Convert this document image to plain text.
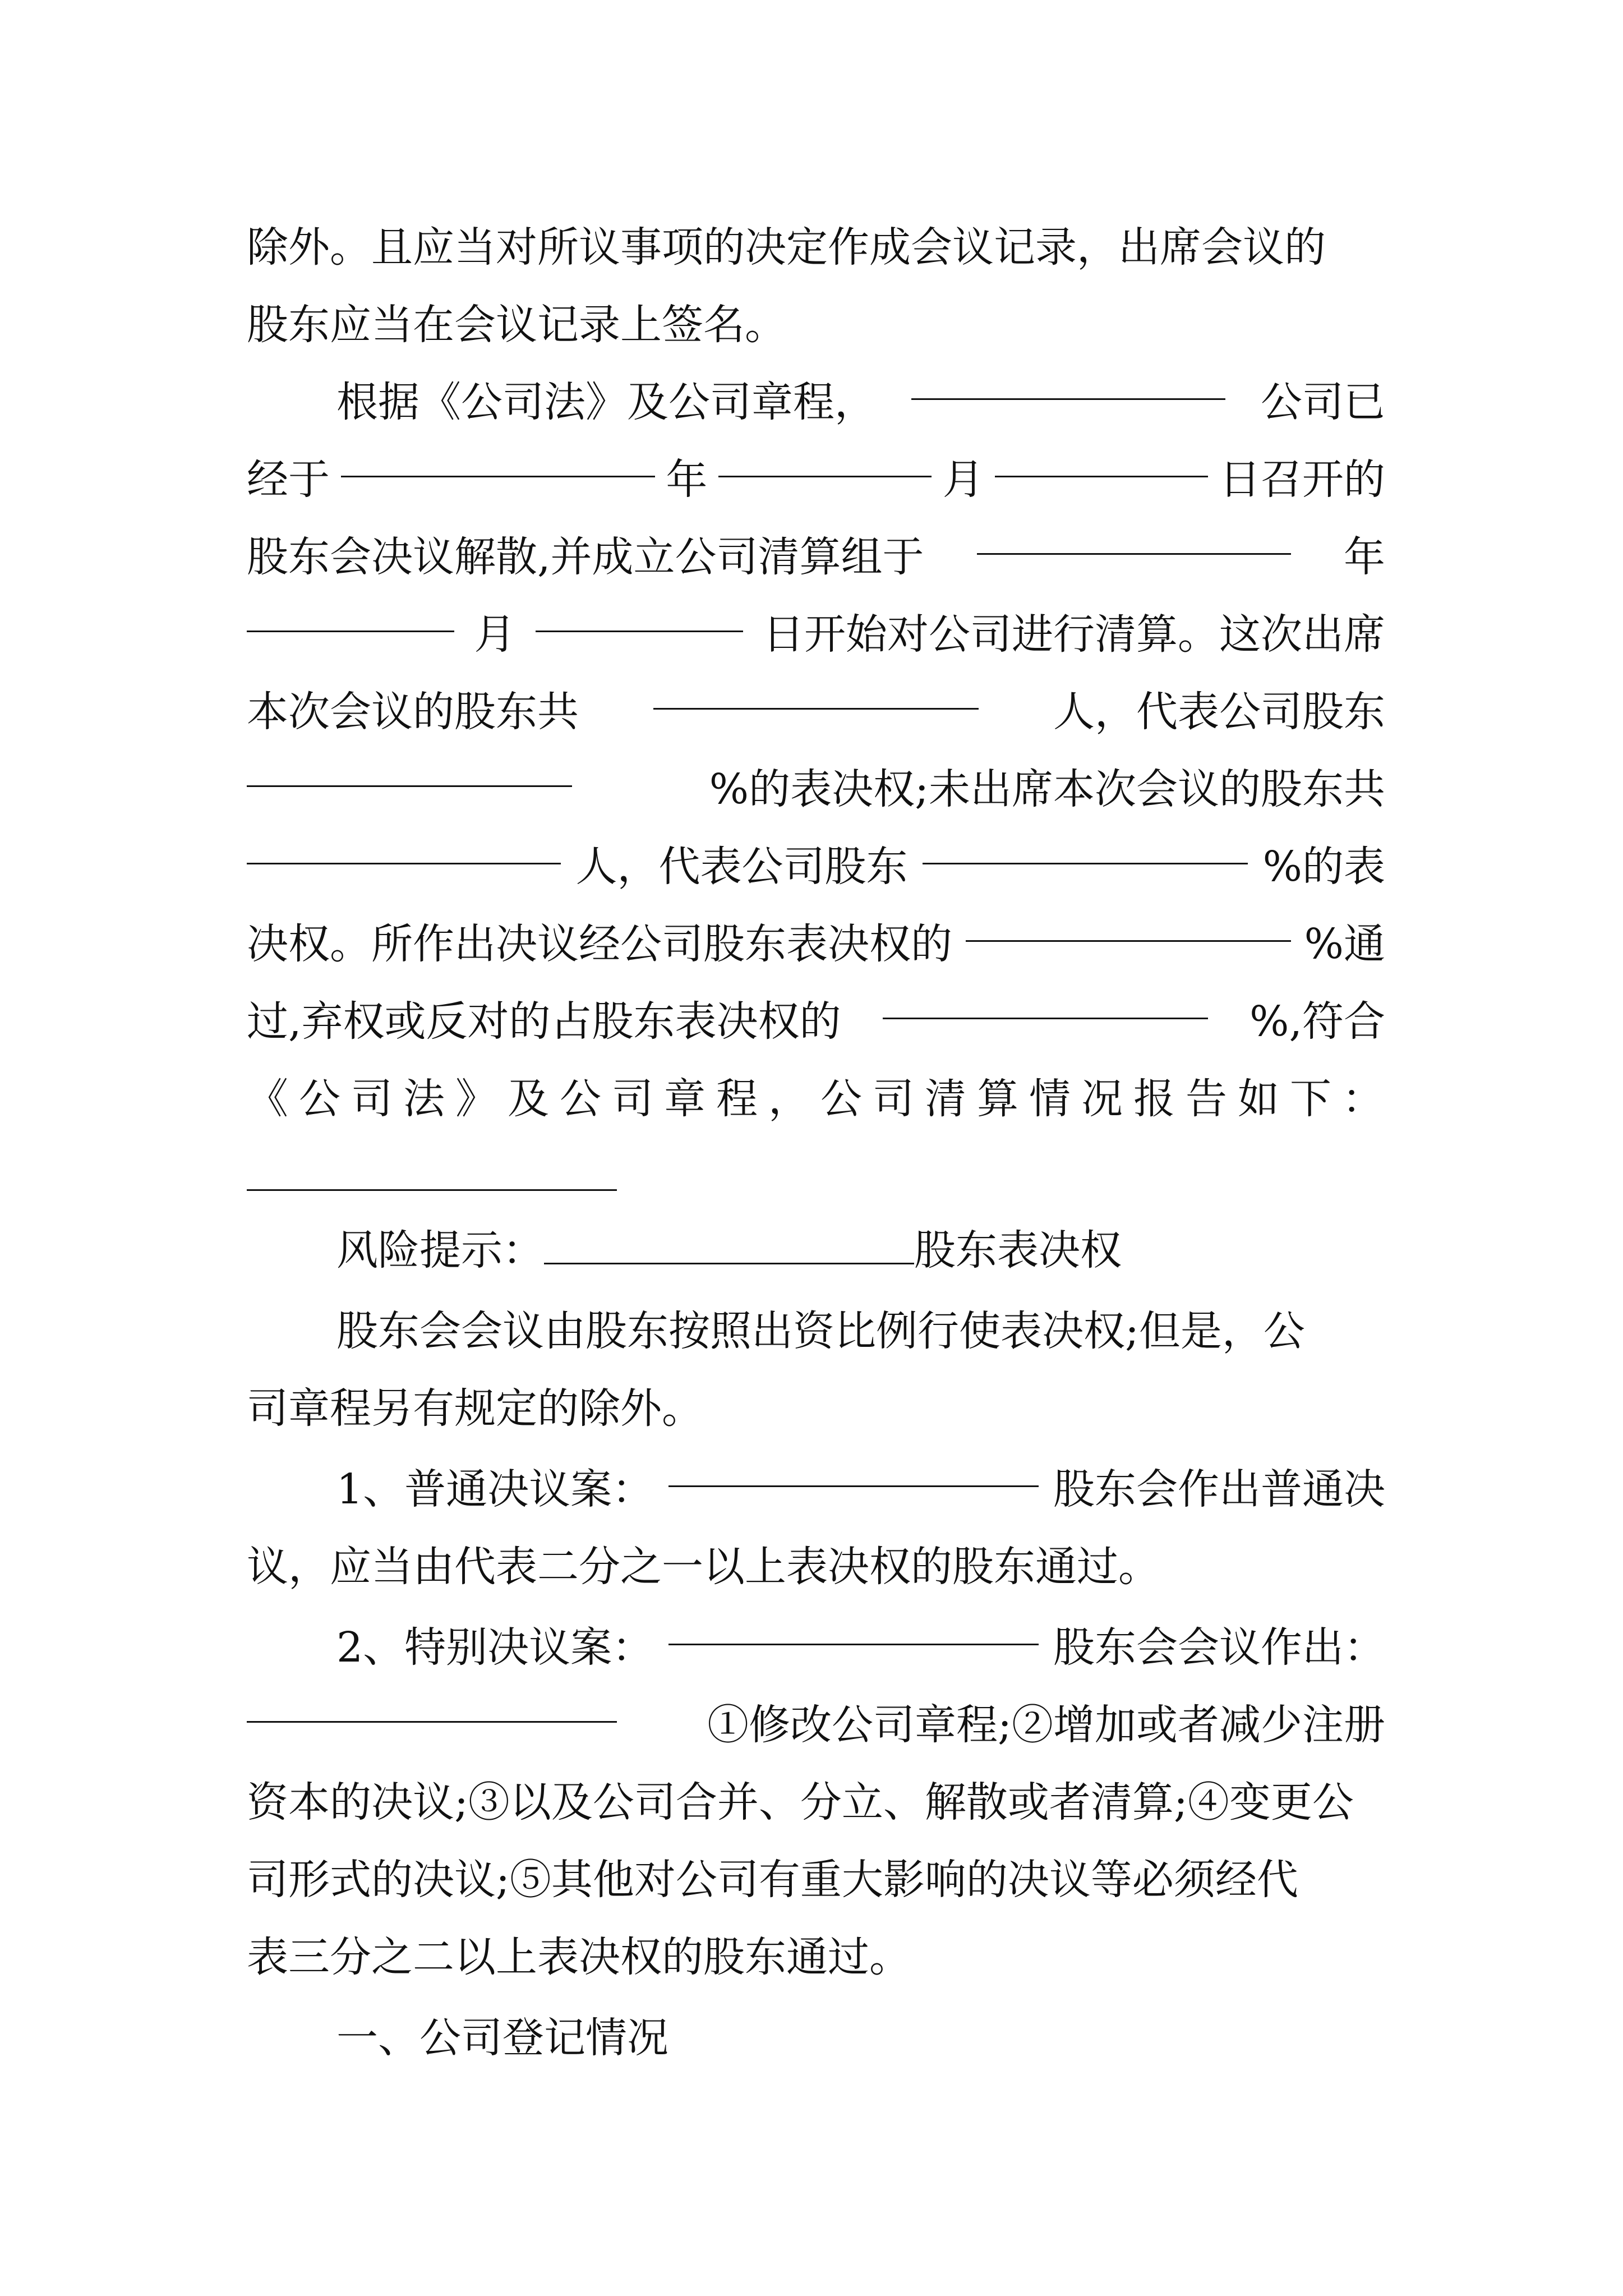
除外。且应当对所议事项的决定作成会议记录，出席会议的
股东应当在会议记录上签名。
根据《公司法》及公司章程，	公司已
经于	年	月	日召开的
股东会决议解散,并成立公司清算组于	年
月	日开始对公司进行清算。这次出席
本次会议的股东共	人，代表公司股东
%的表决权;未出席本次会议的股东共
人，代表公司股东	%的表
决权。所作出决议经公司股东表决权的	%通
过,弃权或反对的占股东表决权的	%,符合
《公司法》及公司章程，公司清算情况报告如下：
风险提示：	股东表决权
股东会会议由股东按照出资比例行使表决权;但是，公
司章程另有规定的除外。
1、普通决议案：	股东会作出普通决
议，应当由代表二分之一以上表决权的股东通过。
2、特别决议案：	股东会会议作出：
①修改公司章程;②增加或者减少注册
资本的决议;③以及公司合并、分立、解散或者清算;④变更公
司形式的决议;⑤其他对公司有重大影响的决议等必须经代
表三分之二以上表决权的股东通过。
一、公司登记情况
